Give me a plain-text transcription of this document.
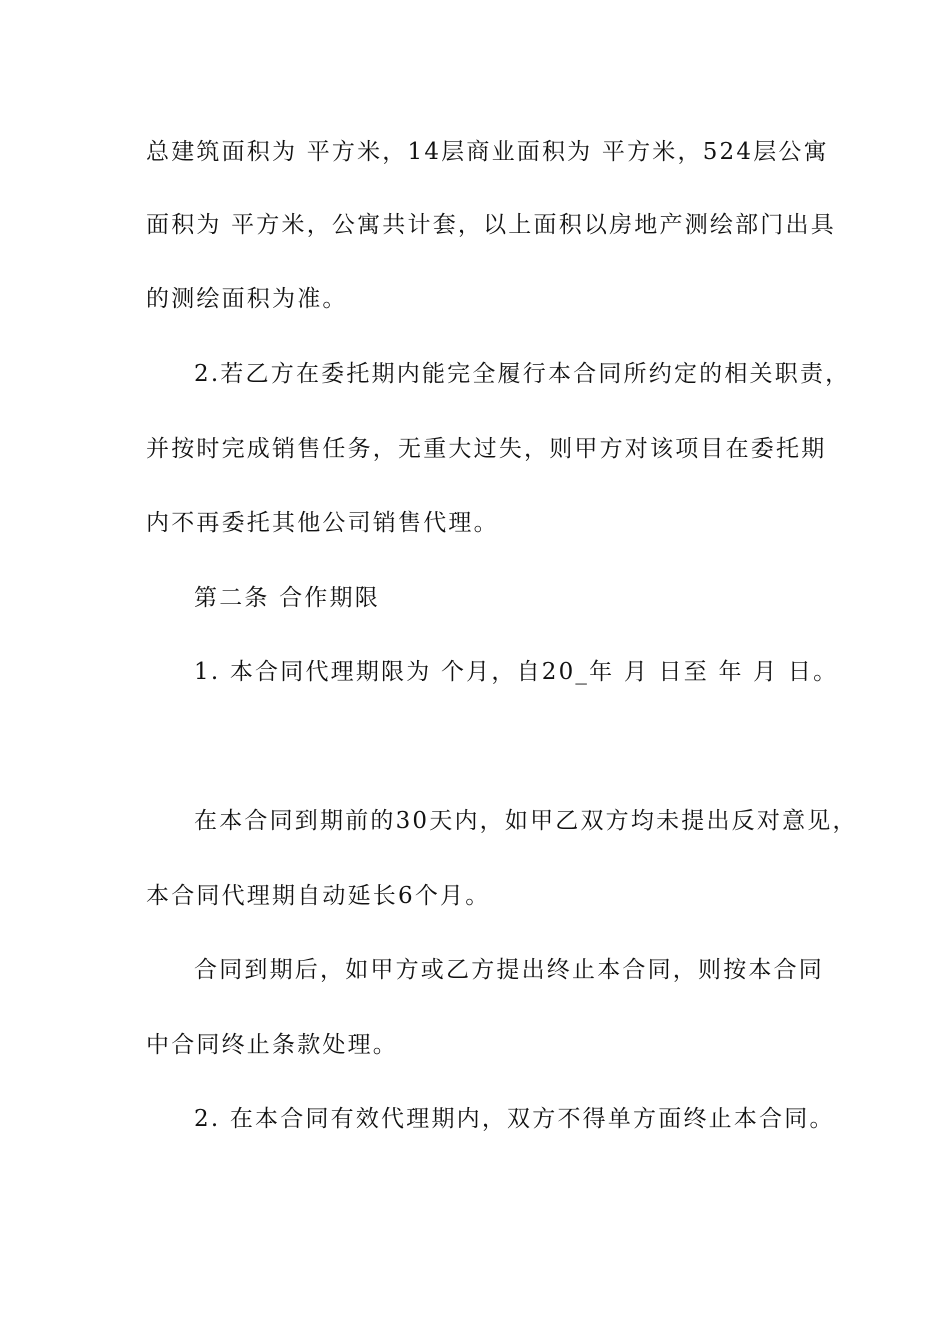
总建筑面积为 平方米，14层商业面积为 平方米，524层公寓
面积为 平方米，公寓共计套，以上面积以房地产测绘部门出具
的测绘面积为准。
2.若乙方在委托期内能完全履行本合同所约定的相关职责，
并按时完成销售任务，无重大过失，则甲方对该项目在委托期
内不再委托其他公司销售代理。
第二条 合作期限
1. 本合同代理期限为 个月，自20_年 月 日至 年 月 日。
在本合同到期前的30天内，如甲乙双方均未提出反对意见，
本合同代理期自动延长6个月。
合同到期后，如甲方或乙方提出终止本合同，则按本合同
中合同终止条款处理。
2. 在本合同有效代理期内，双方不得单方面终止本合同。
